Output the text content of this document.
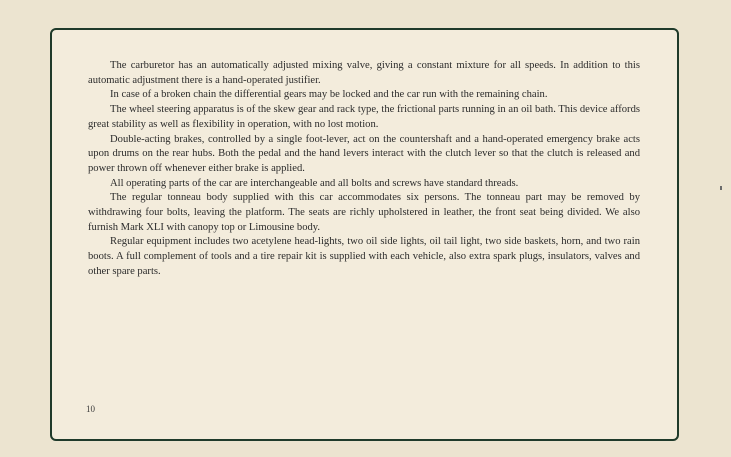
The carburetor has an automatically adjusted mixing valve, giving a constant mixture for all speeds. In addition to this automatic adjustment there is a hand-operated justifier.

In case of a broken chain the differential gears may be locked and the car run with the remaining chain.

The wheel steering apparatus is of the skew gear and rack type, the frictional parts running in an oil bath. This device affords great stability as well as flexibility in operation, with no lost motion.

Double-acting brakes, controlled by a single foot-lever, act on the countershaft and a hand-operated emergency brake acts upon drums on the rear hubs. Both the pedal and the hand levers interact with the clutch lever so that the clutch is released and power thrown off whenever either brake is applied.

All operating parts of the car are interchangeable and all bolts and screws have standard threads.

The regular tonneau body supplied with this car accommodates six persons. The tonneau part may be removed by withdrawing four bolts, leaving the platform. The seats are richly upholstered in leather, the front seat being divided. We also furnish Mark XLI with canopy top or Limousine body.

Regular equipment includes two acetylene head-lights, two oil side lights, oil tail light, two side baskets, horn, and two rain boots. A full complement of tools and a tire repair kit is supplied with each vehicle, also extra spark plugs, insulators, valves and other spare parts.

10
